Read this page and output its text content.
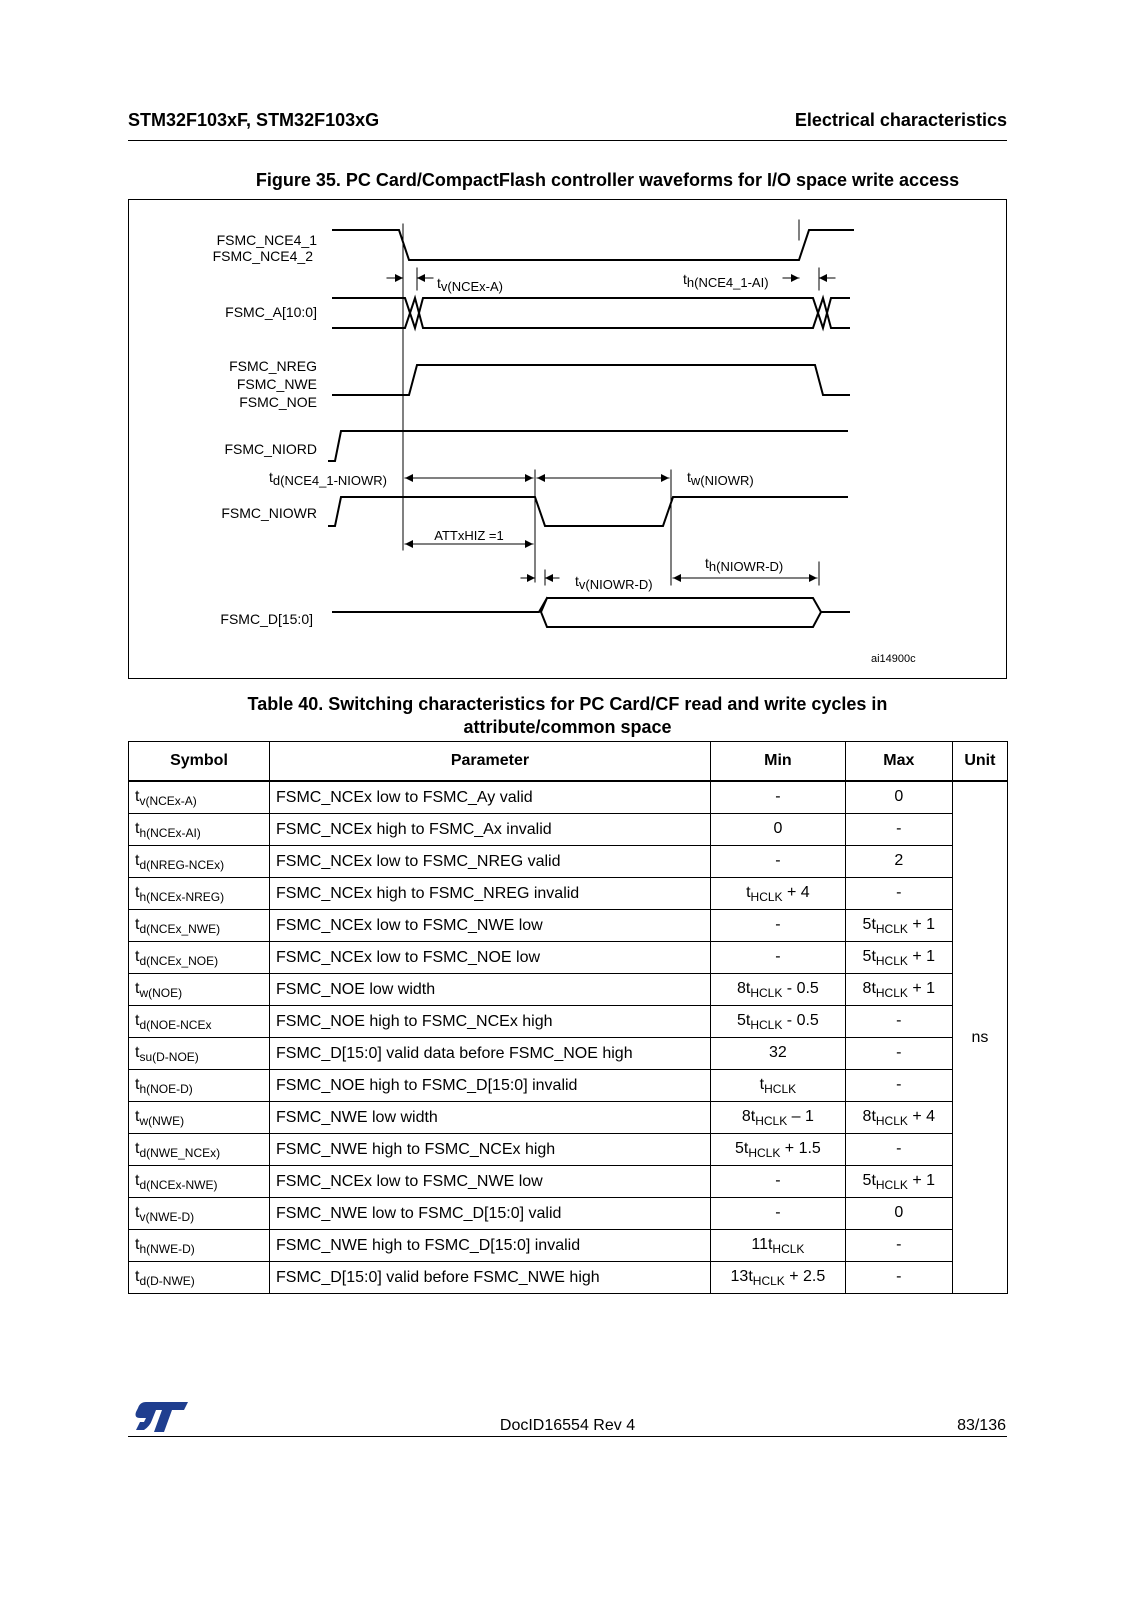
STM32F103xF, STM32F103xG	Electrical characteristics
Figure 35. PC Card/CompactFlash controller waveforms for I/O space write access
FSMC_NCE4_1
FSMC_NCE4_2
FSMC_A[10:0]
FSMC_NREG
FSMC_NWE
FSMC_NOE
FSMC_NIORD
FSMC_NIOWR
FSMC_D[15:0]
tv(NCEx-A)	th(NCE4_1-AI)
td(NCE4_1-NIOWR)	tw(NIOWR)
ATTxHIZ =1
tv(NIOWR-D)
th(NIOWR-D)
ai14900c
Table 40. Switching characteristics for PC Card/CF read and write cycles in
attribute/common space
Symbol	Parameter	Min	Max	Unit
$t_{v(NCEx-A)}$	FSMC_NCEx low to FSMC_Ay valid	-	0	ns
$t_{h(NCEx-AI)}$	FSMC_NCEx high to FSMC_Ax invalid	0	-	
$t_{d(NREG-NCEx)}$	FSMC_NCEx low to FSMC_NREG valid	-	2	
$t_{h(NCEx-NREG)}$	FSMC_NCEx high to FSMC_NREG invalid	$t_{HCLK} + 4$	-	
$t_{d(NCEx\_NWE)}$	FSMC_NCEx low to FSMC_NWE low	-	$5t_{HCLK} + 1$	
$t_{d(NCEx\_NOE)}$	FSMC_NCEx low to FSMC_NOE low	-	$5t_{HCLK} + 1$	
$t_{w(NOE)}$	FSMC_NOE low width	$8t_{HCLK} - 0.5$	$8t_{HCLK} + 1$	
$t_{d(NOE-NCEx}$	FSMC_NOE high to FSMC_NCEx high	$5t_{HCLK} - 0.5$	-	
$t_{su(D-NOE)}$	FSMC_D[15:0] valid data before FSMC_NOE high	32	-	
$t_{h(NOE-D)}$	FSMC_NOE high to FSMC_D[15:0] invalid	$t_{HCLK}$	-	
$t_{w(NWE)}$	FSMC_NWE low width	$8t_{HCLK} - 1$	$8t_{HCLK} + 4$	
$t_{d(NWE\_NCEx)}$	FSMC_NWE high to FSMC_NCEx high	$5t_{HCLK} + 1.5$	-	
$t_{d(NCEx-NWE)}$	FSMC_NCEx low to FSMC_NWE low	-	$5t_{HCLK} + 1$	
$t_{v(NWE-D)}$	FSMC_NWE low to FSMC_D[15:0] valid	-	0	
$t_{h(NWE-D)}$	FSMC_NWE high to FSMC_D[15:0] invalid	$11t_{HCLK}$	-	
$t_{d(D-NWE)}$	FSMC_D[15:0] valid before FSMC_NWE high	$13t_{HCLK} + 2.5$	-	
DocID16554 Rev 4	83/136
